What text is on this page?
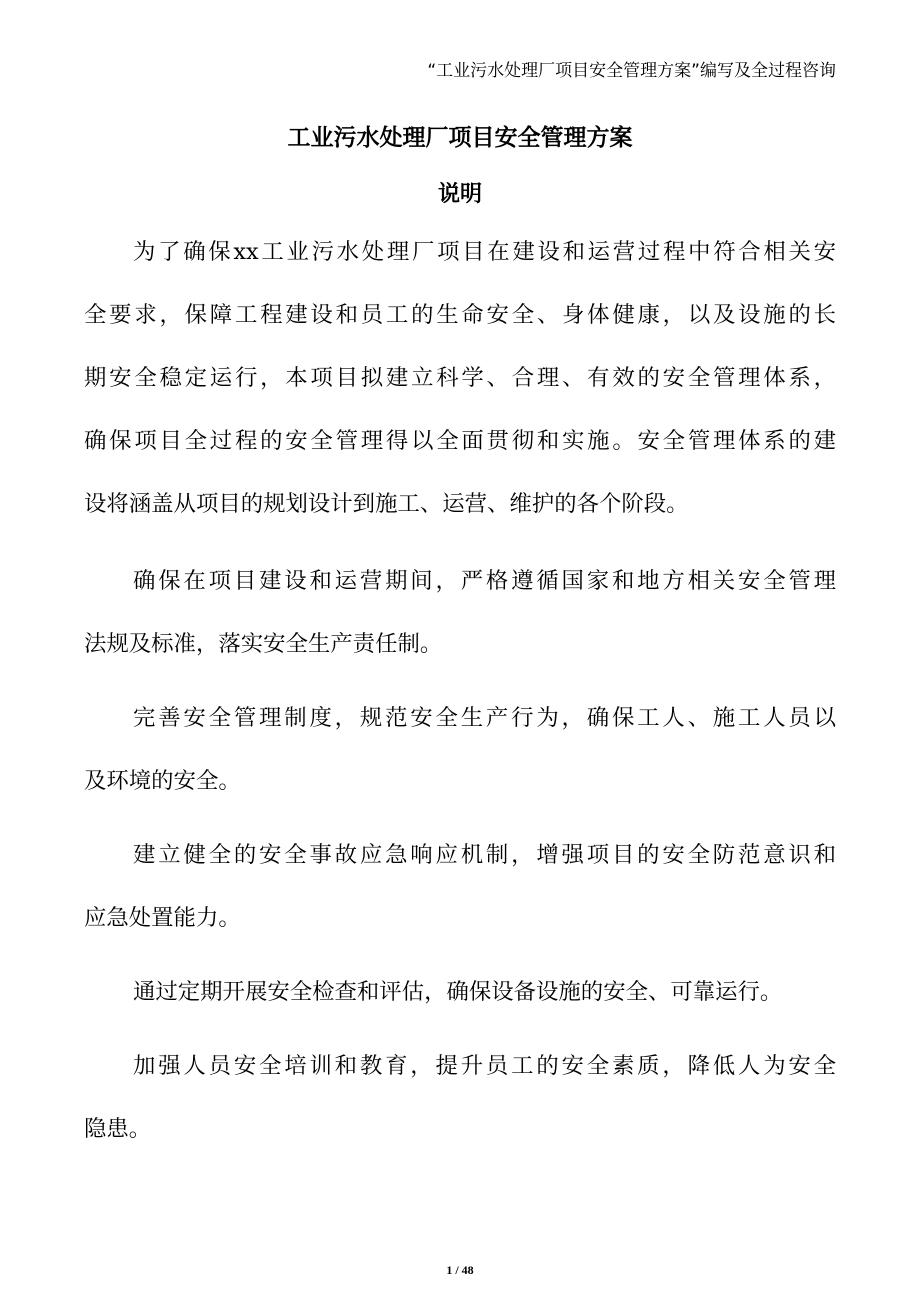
“工业污水处理厂项目安全管理方案”编写及全过程咨询
工业污水处理厂项目安全管理方案
说明
为了确保xx工业污水处理厂项目在建设和运营过程中符合相关安
全要求，保障工程建设和员工的生命安全、身体健康，以及设施的长
期安全稳定运行，本项目拟建立科学、合理、有效的安全管理体系，
确保项目全过程的安全管理得以全面贯彻和实施。安全管理体系的建
设将涵盖从项目的规划设计到施工、运营、维护的各个阶段。
确保在项目建设和运营期间，严格遵循国家和地方相关安全管理
法规及标准，落实安全生产责任制。
完善安全管理制度，规范安全生产行为，确保工人、施工人员以
及环境的安全。
建立健全的安全事故应急响应机制，增强项目的安全防范意识和
应急处置能力。
通过定期开展安全检查和评估，确保设备设施的安全、可靠运行。
加强人员安全培训和教育，提升员工的安全素质，降低人为安全
隐患。
1 / 48
